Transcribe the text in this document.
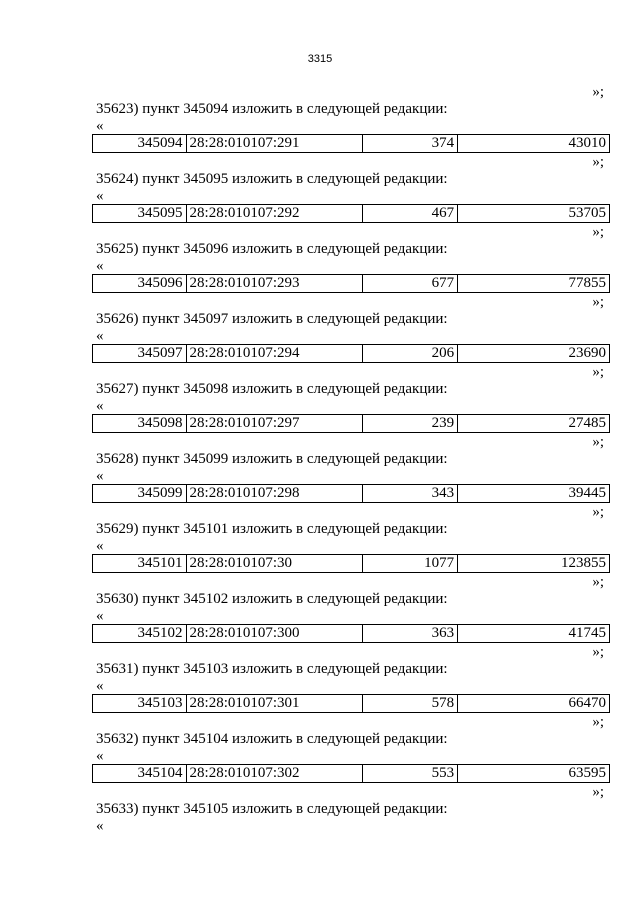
3315
»;
35623) пункт 345094 изложить в следующей редакции:
«
345094	28:28:010107:291	374	43010
»;
35624) пункт 345095 изложить в следующей редакции:
«
345095	28:28:010107:292	467	53705
»;
35625) пункт 345096 изложить в следующей редакции:
«
345096	28:28:010107:293	677	77855
»;
35626) пункт 345097 изложить в следующей редакции:
«
345097	28:28:010107:294	206	23690
»;
35627) пункт 345098 изложить в следующей редакции:
«
345098	28:28:010107:297	239	27485
»;
35628) пункт 345099 изложить в следующей редакции:
«
345099	28:28:010107:298	343	39445
»;
35629) пункт 345101 изложить в следующей редакции:
«
345101	28:28:010107:30	1077	123855
»;
35630) пункт 345102 изложить в следующей редакции:
«
345102	28:28:010107:300	363	41745
»;
35631) пункт 345103 изложить в следующей редакции:
«
345103	28:28:010107:301	578	66470
»;
35632) пункт 345104 изложить в следующей редакции:
«
345104	28:28:010107:302	553	63595
»;
35633) пункт 345105 изложить в следующей редакции:
«
